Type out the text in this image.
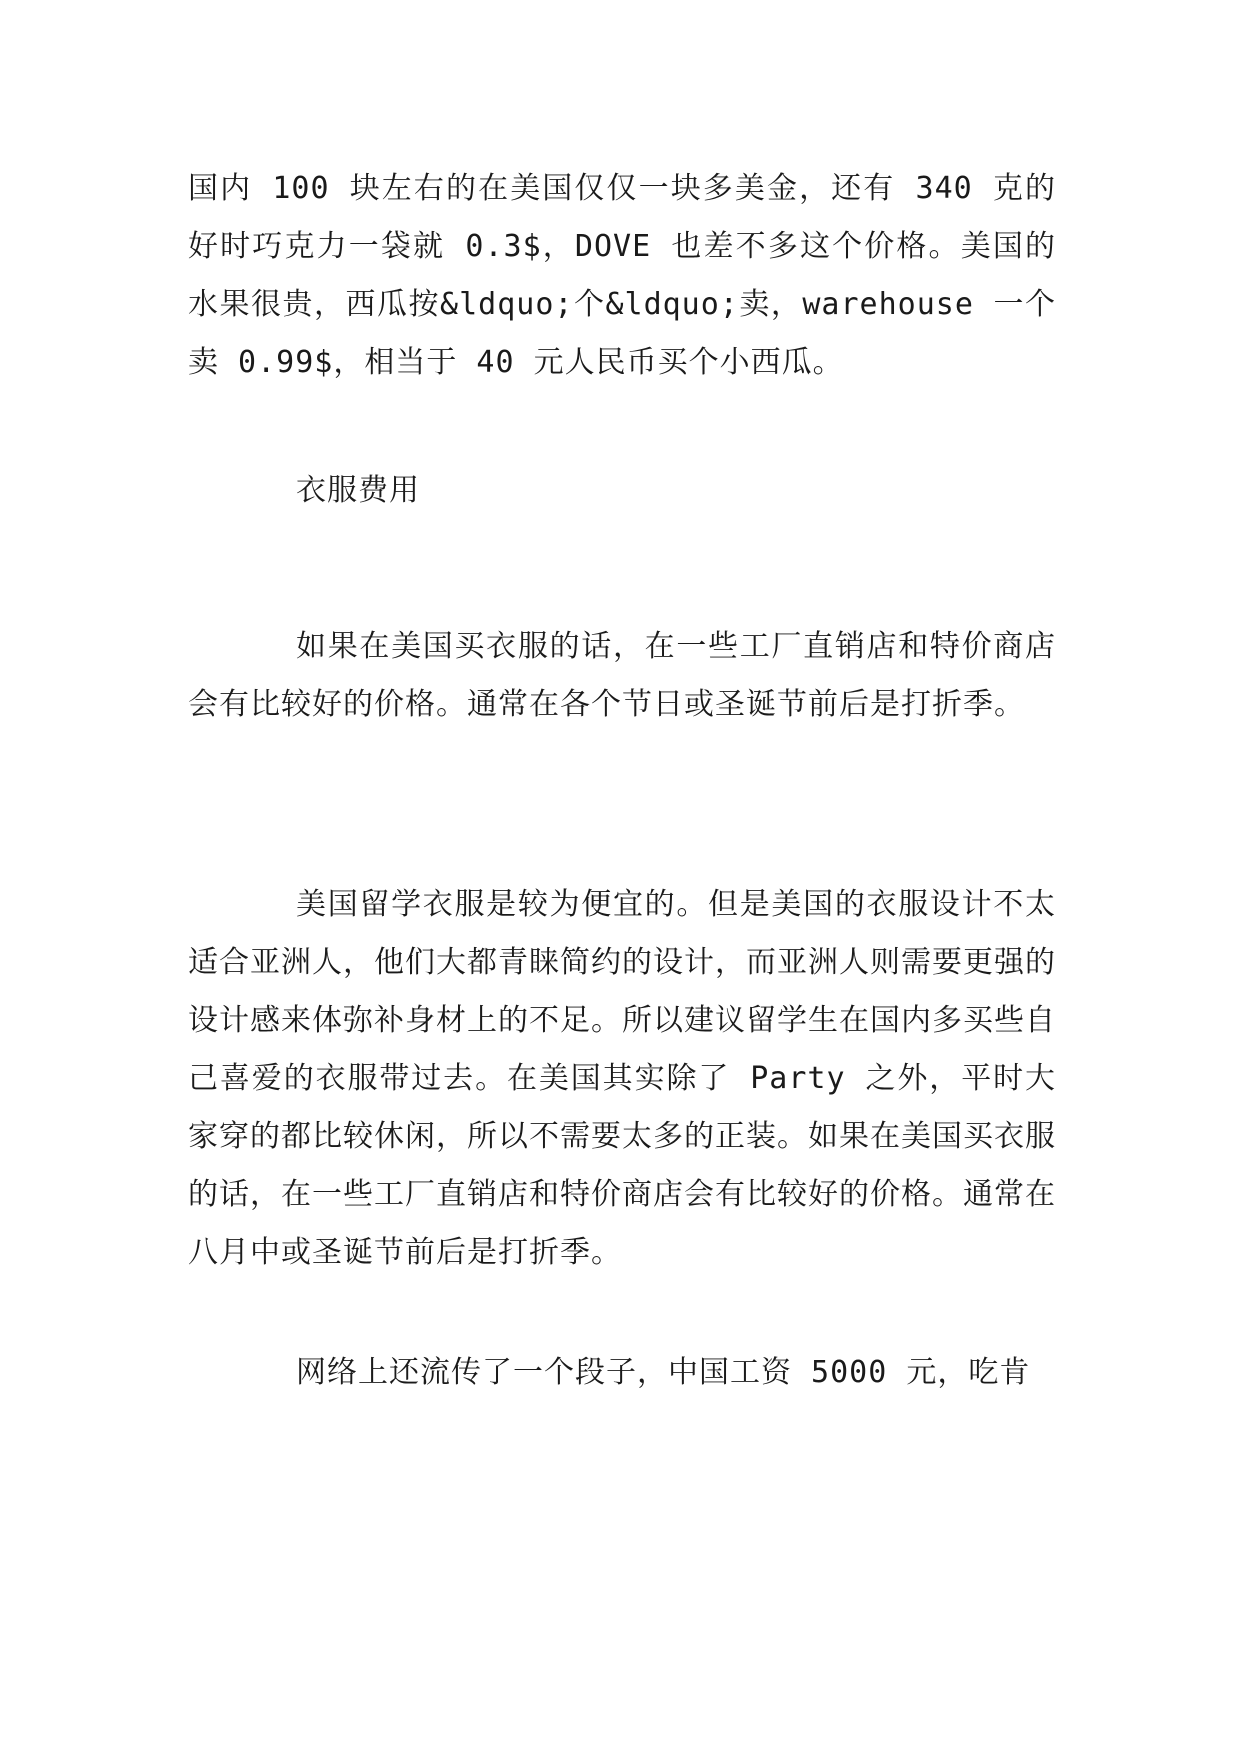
国内 100 块左右的在美国仅仅一块多美金，还有 340 克的好时巧克力一袋就 0.3$，DOVE 也差不多这个价格。美国的水果很贵，西瓜按&ldquo;个&ldquo;卖，warehouse 一个卖 0.99$，相当于 40 元人民币买个小西瓜。

衣服费用

如果在美国买衣服的话，在一些工厂直销店和特价商店会有比较好的价格。通常在各个节日或圣诞节前后是打折季。

美国留学衣服是较为便宜的。但是美国的衣服设计不太适合亚洲人，他们大都青睐简约的设计，而亚洲人则需要更强的设计感来体弥补身材上的不足。所以建议留学生在国内多买些自己喜爱的衣服带过去。在美国其实除了 Party 之外，平时大家穿的都比较休闲，所以不需要太多的正装。如果在美国买衣服的话，在一些工厂直销店和特价商店会有比较好的价格。通常在八月中或圣诞节前后是打折季。

网络上还流传了一个段子，中国工资 5000 元，吃肯
